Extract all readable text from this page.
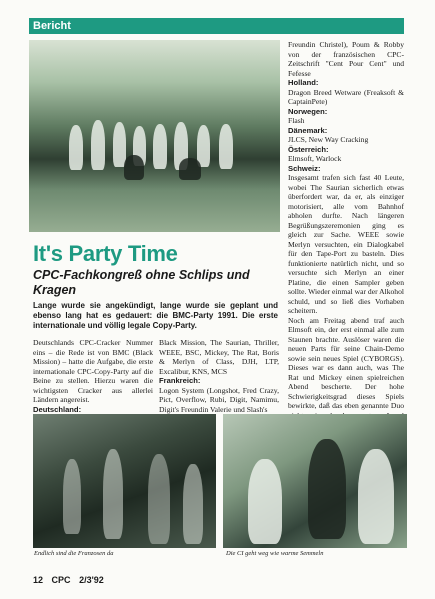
Bericht
It's Party Time
CPC-Fachkongreß ohne Schlips und Kragen
Lange wurde sie angekündigt, lange wurde sie geplant und ebenso lang hat es gedauert: die BMC-Party 1991. Die erste internationale und völlig legale Copy-Party.

Deutschlands CPC-Cracker Nummer eins – die Rede ist von BMC (Black Mission) – hatte die Aufgabe, die erste internationale CPC-Copy-Party auf die Beine zu stellen. Hierzu waren die wichtigsten Cracker aus allerlei Ländern angereist.

Deutschland:

Black Mission, The Saurian, Thriller, WEEE, BSC, Mickey, The Rat, Boris & Merlyn of Class, DJH, LTP, Excalibur, KNS, MCS

Frankreich:

Logon System (Longshot, Fred Crazy, Pict, Overflow, Rubi, Digit, Namimu, Digit's Freundin Valerie und Slash's

Freundin Christel), Poum & Robby von der französischen CPC-Zeitschrift "Cent Pour Cent" und Fefesse

Holland:

Dragon Breed Wetware (Freaksoft & CaptainPete)

Norwegen:

Flash

Dänemark:

JLCS, New Way Cracking

Österreich:

Elmsoft, Warlock

Schweiz:

Insgesamt trafen sich fast 40 Leute, wobei The Saurian sicherlich etwas überfordert war, da er, als einziger motorisiert, alle vom Bahnhof abholen durfte. Nach längeren Begrüßungszeremonien ging es gleich zur Sache. WEEE sowie Merlyn versuchten, ein Dialogkabel für den Tape-Port zu basteln. Dies funktionierte natürlich nicht, und so versuchte sich Merlyn an einer Platine, die einen Sampler geben sollte. Wieder einmal war der Alkohol schuld, und so ließ dies Vorhaben scheitern.

Noch am Freitag abend traf auch Elmsoft ein, der erst einmal alle zum Staunen brachte. Auslöser waren die neuen Parts für seine Chain-Demo sowie sein neues Spiel (CYBORGS). Dieses war es dann auch, was The Rat und Mickey einen spielreichen Abend bescherte. Der hohe Schwierigkeitsgrad dieses Spiels bewirkte, daß das eben genannte Duo

Endlich sind die Franzosen da	Die CI geht weg wie warme Semmeln
12 CPC 2/3'92
